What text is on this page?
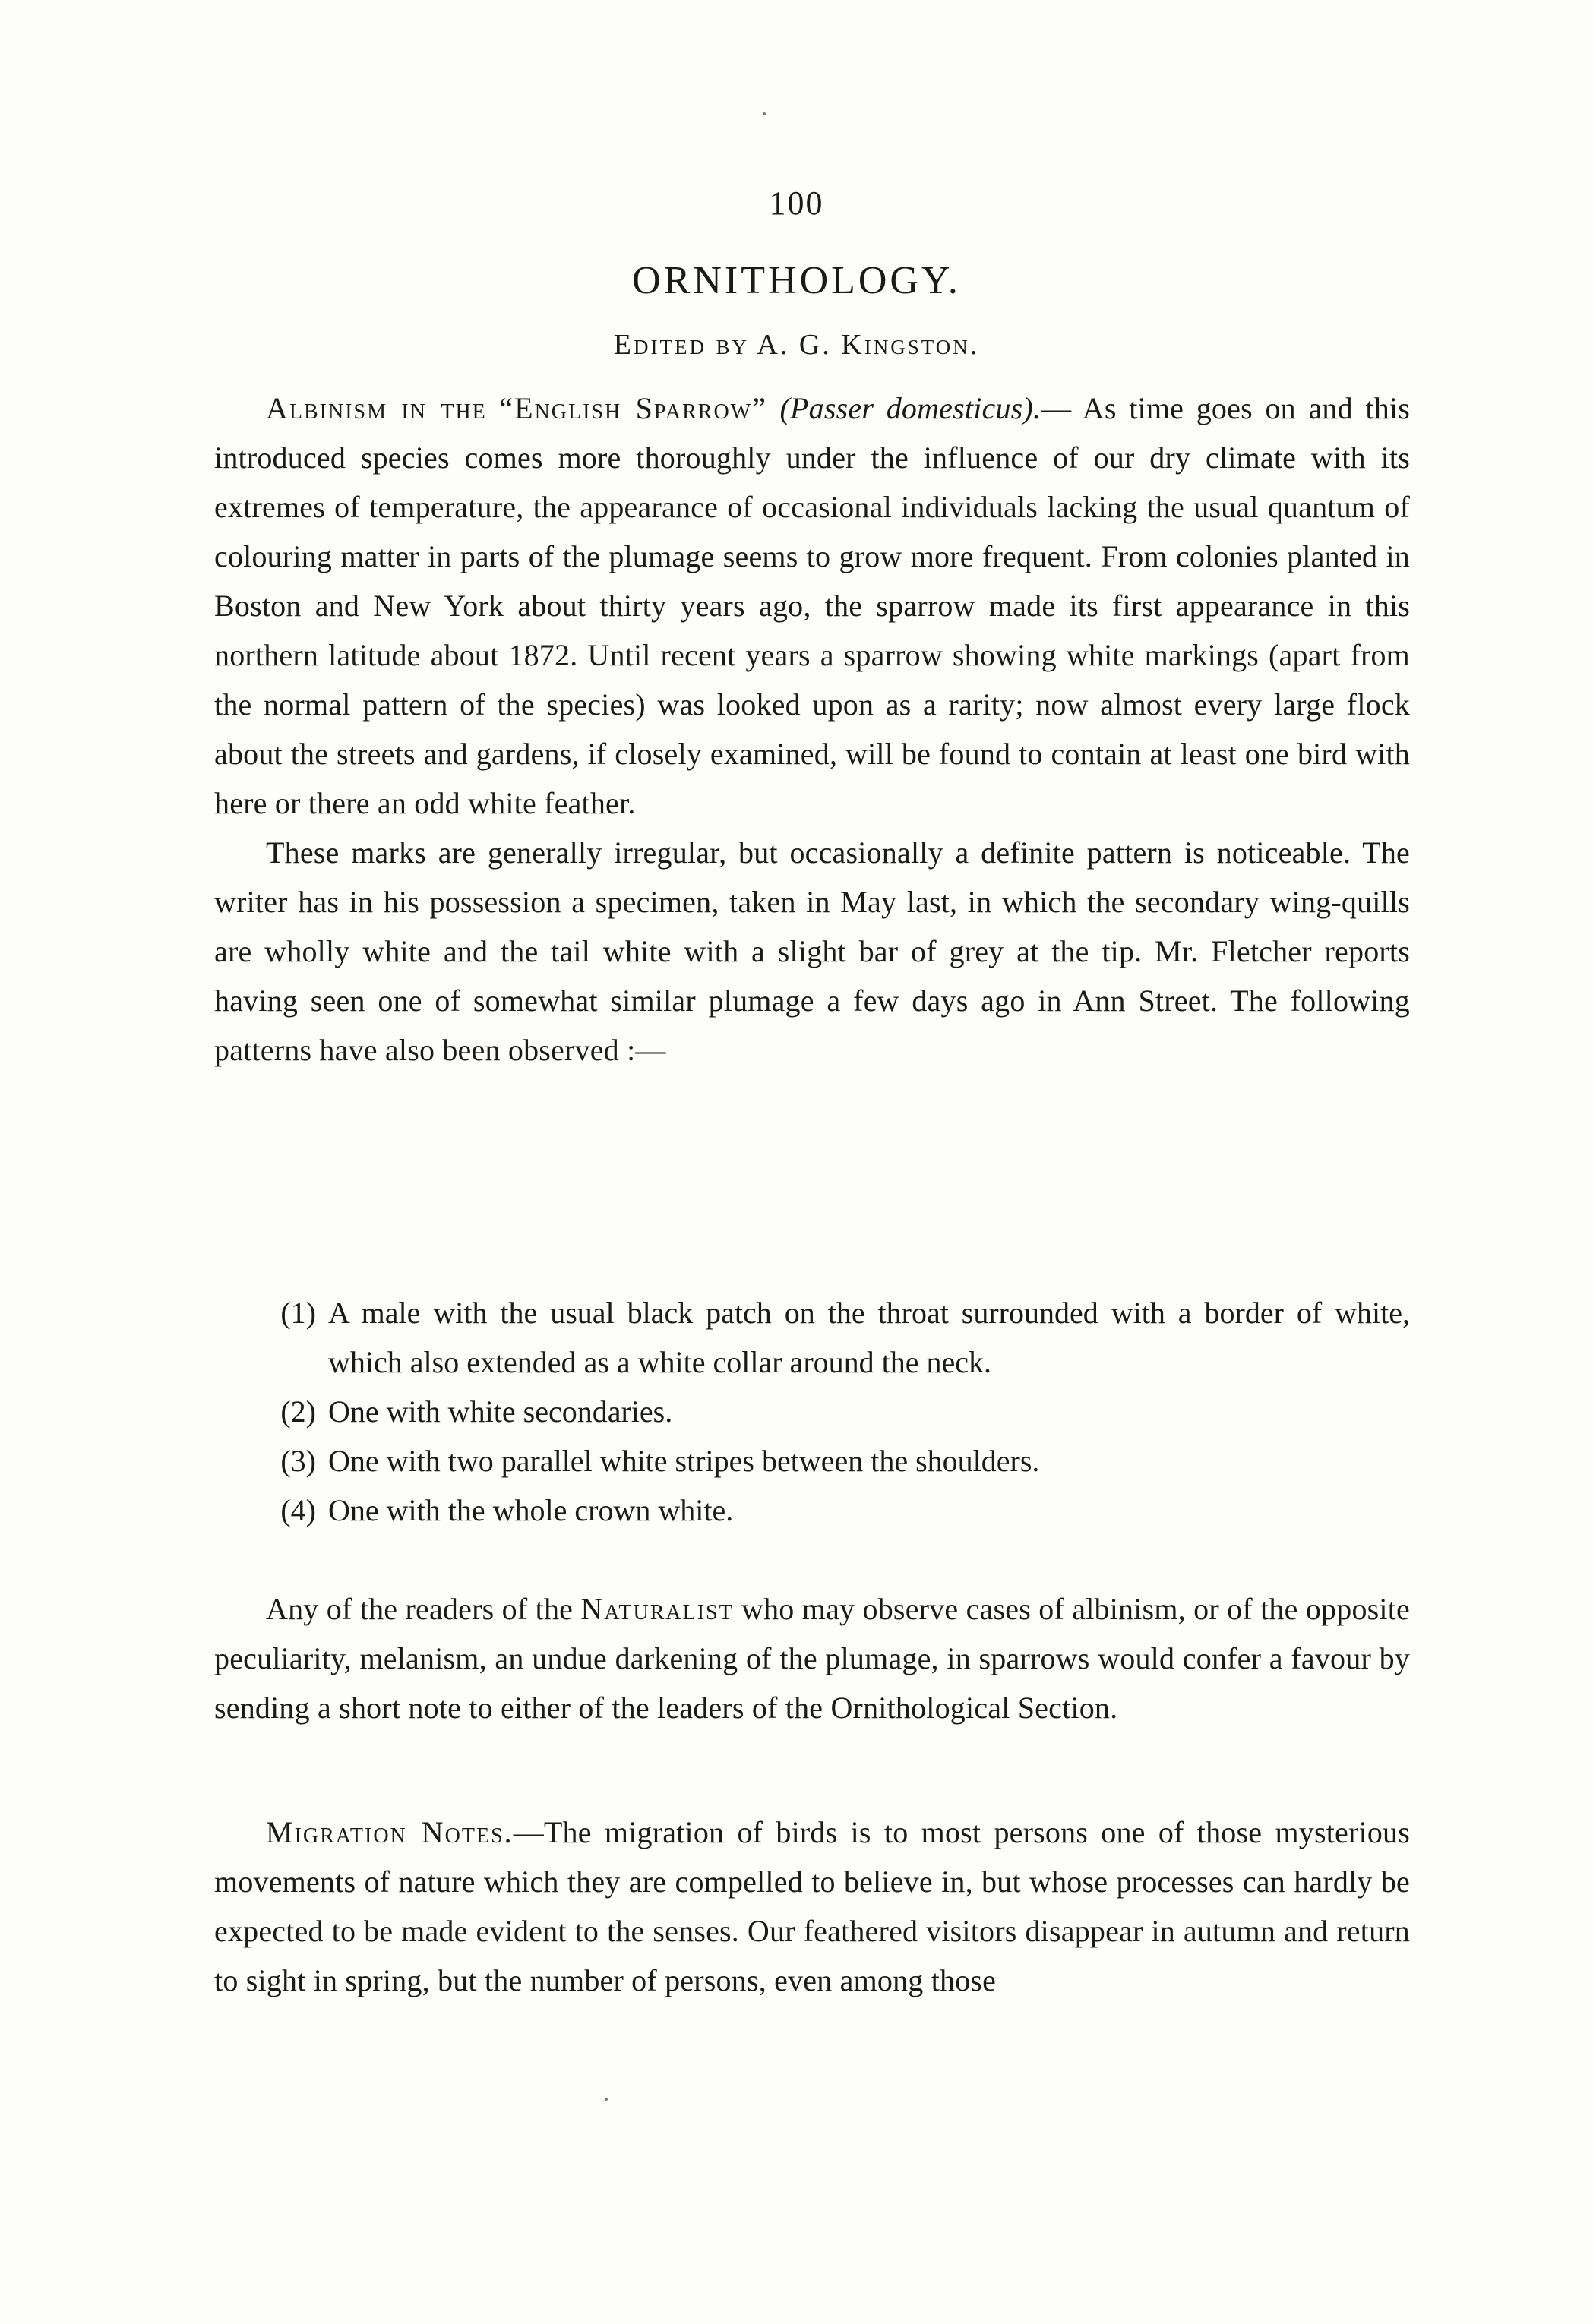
100
ORNITHOLOGY.
Edited by A. G. Kingston.

Albinism in the “English Sparrow” (Passer domesticus).— As time goes on and this introduced species comes more thoroughly under the influence of our dry climate with its extremes of temperature, the appearance of occasional individuals lacking the usual quantum of colouring matter in parts of the plumage seems to grow more frequent. From colonies planted in Boston and New York about thirty years ago, the sparrow made its first appearance in this northern latitude about 1872. Until recent years a sparrow showing white markings (apart from the normal pattern of the species) was looked upon as a rarity; now almost every large flock about the streets and gardens, if closely examined, will be found to contain at least one bird with here or there an odd white feather.

These marks are generally irregular, but occasionally a definite pattern is noticeable. The writer has in his possession a specimen, taken in May last, in which the secondary wing-quills are wholly white and the tail white with a slight bar of grey at the tip. Mr. Fletcher reports having seen one of somewhat similar plumage a few days ago in Ann Street. The following patterns have also been observed :—

(1) A male with the usual black patch on the throat surrounded with a border of white, which also extended as a white collar around the neck.
(2) One with white secondaries.
(3) One with two parallel white stripes between the shoulders.
(4) One with the whole crown white.

Any of the readers of the Naturalist who may observe cases of albinism, or of the opposite peculiarity, melanism, an undue darkening of the plumage, in sparrows would confer a favour by sending a short note to either of the leaders of the Ornithological Section.

Migration Notes.—The migration of birds is to most persons one of those mysterious movements of nature which they are compelled to believe in, but whose processes can hardly be expected to be made evident to the senses. Our feathered visitors disappear in autumn and return to sight in spring, but the number of persons, even among those
